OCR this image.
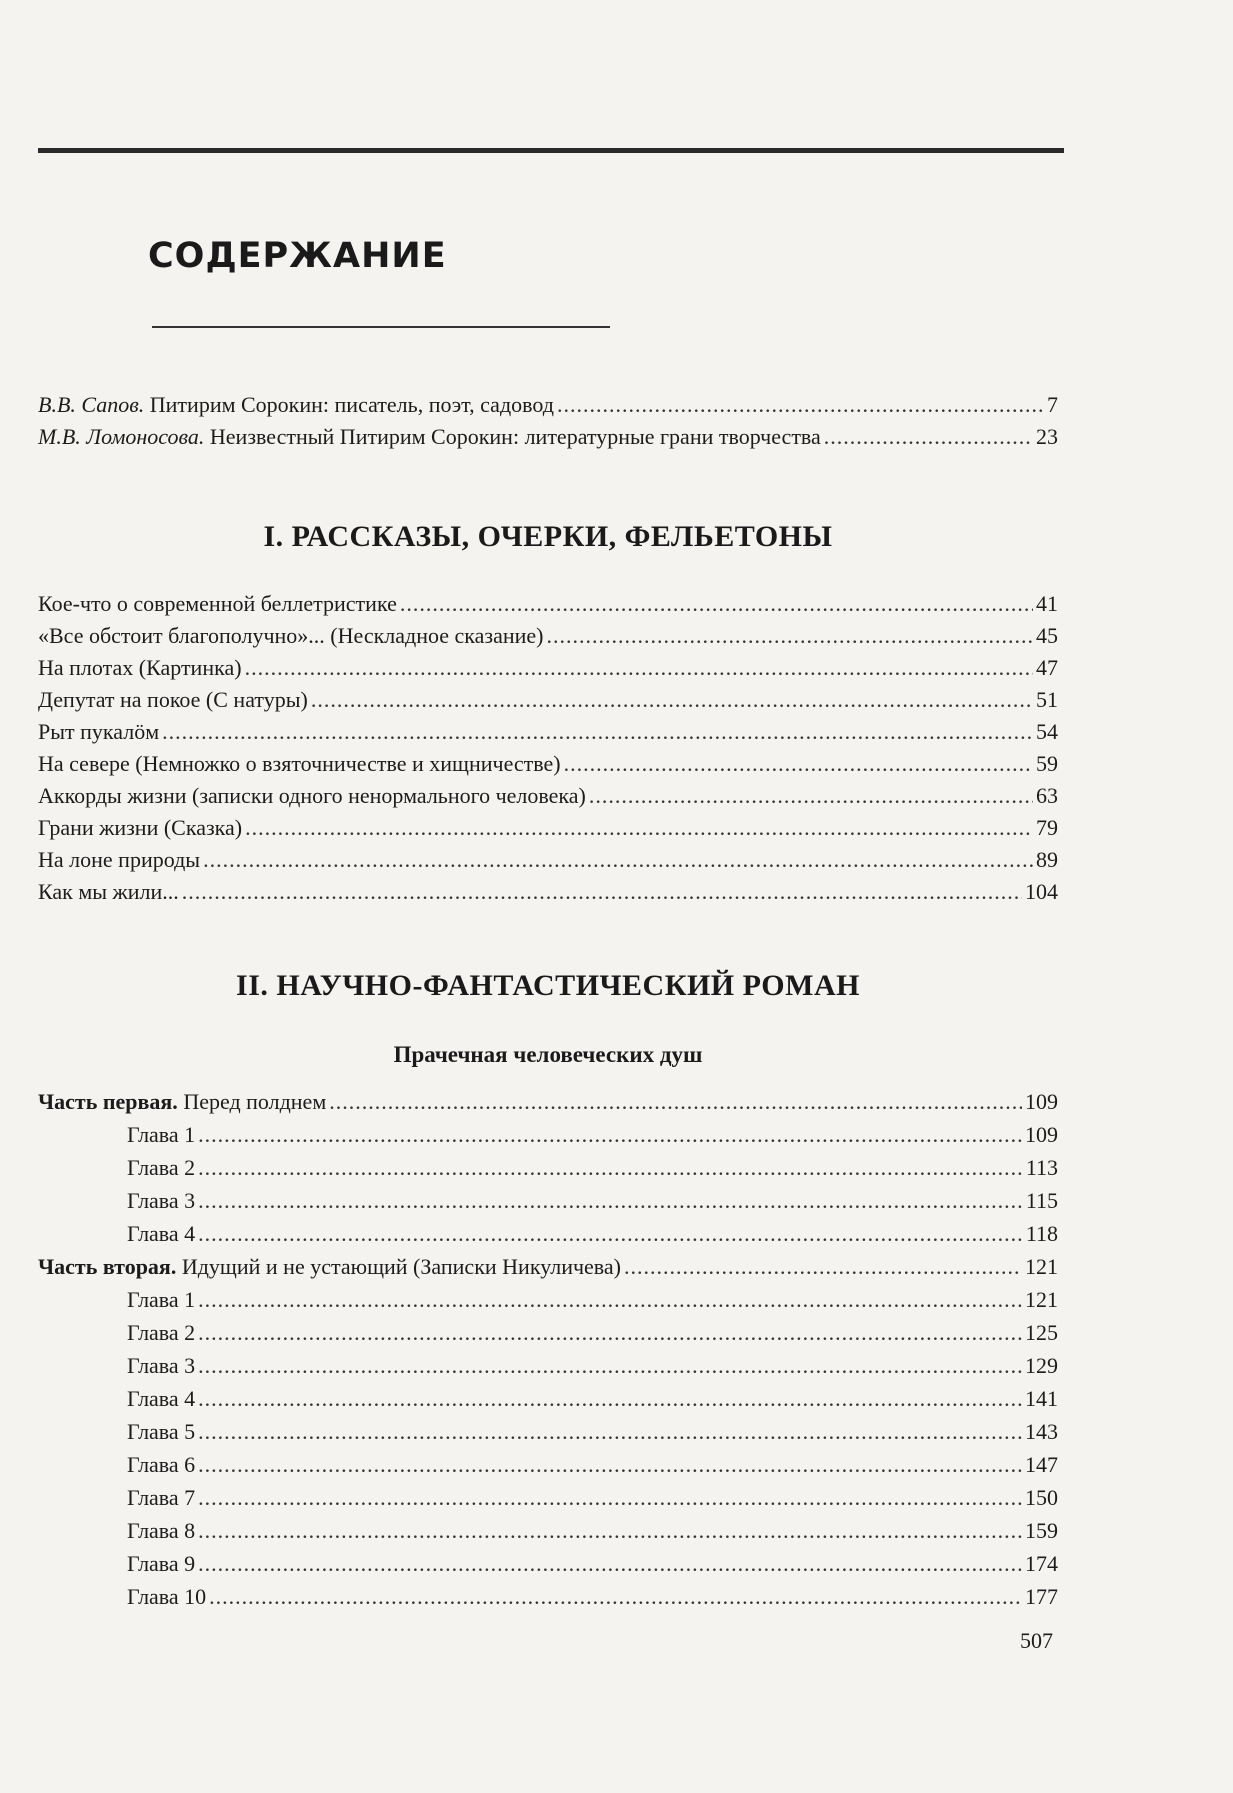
СОДЕРЖАНИЕ
В.В. Сапов. Питирим Сорокин: писатель, поэт, садовод .....	7
М.В. Ломоносова. Неизвестный Питирим Сорокин: литературные грани творчества .....	23
I. РАССКАЗЫ, ОЧЕРКИ, ФЕЛЬЕТОНЫ
Кое-что о современной беллетристике .....	41
«Все обстоит благополучно»... (Нескладное сказание) .....	45
На плотах (Картинка) .....	47
Депутат на покое (С натуры) .....	51
Рыт пукалӧм .....	54
На севере (Немножко о взяточничестве и хищничестве) .....	59
Аккорды жизни (записки одного ненормального человека) .....	63
Грани жизни (Сказка) .....	79
На лоне природы .....	89
Как мы жили... .....	104
II. НАУЧНО-ФАНТАСТИЧЕСКИЙ РОМАН
Прачечная человеческих душ
Часть первая. Перед полднем .....	109
Глава 1 .....	109
Глава 2 .....	113
Глава 3 .....	115
Глава 4 .....	118
Часть вторая. Идущий и не устающий (Записки Никуличева) .....	121
Глава 1 .....	121
Глава 2 .....	125
Глава 3 .....	129
Глава 4 .....	141
Глава 5 .....	143
Глава 6 .....	147
Глава 7 .....	150
Глава 8 .....	159
Глава 9 .....	174
Глава 10 .....	177
507
